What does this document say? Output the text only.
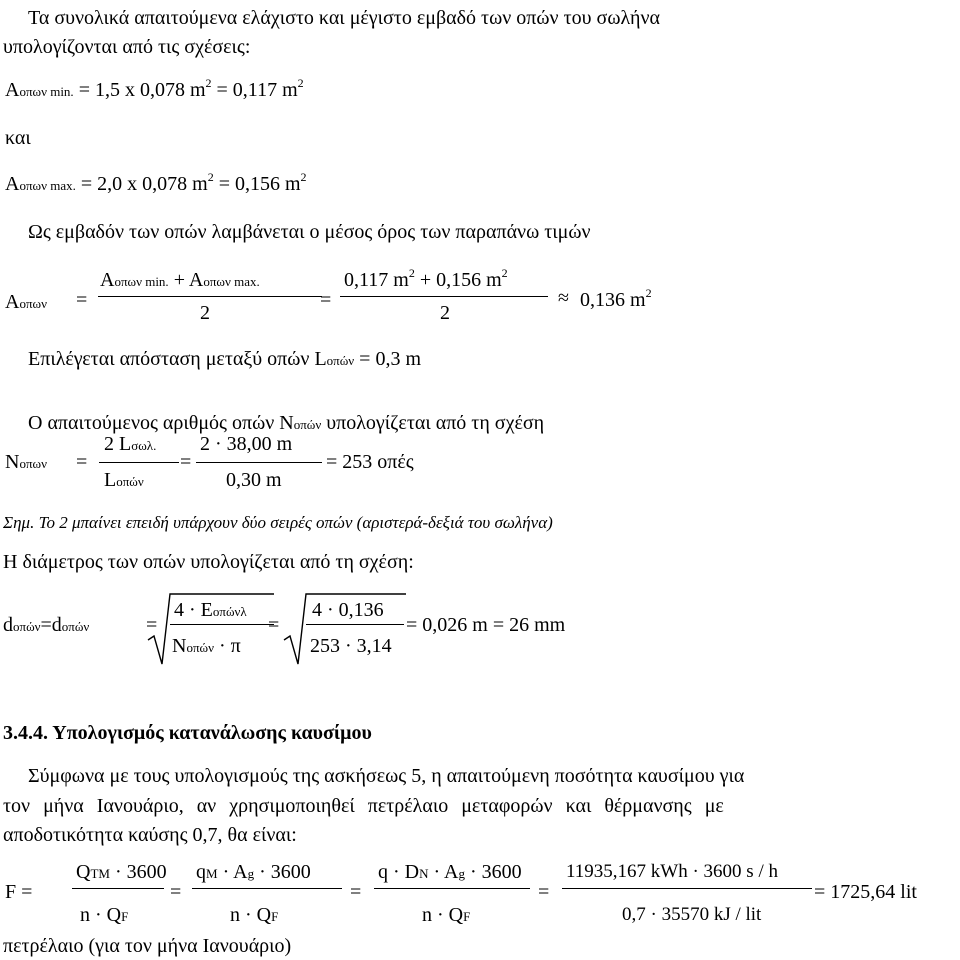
Τα συνολικά απαιτούμενα ελάχιστο και μέγιστο εμβαδό των οπών του σωλήνα
υπολογίζονται από τις σχέσεις:
Aοπων min. = 1,5 x 0,078 $m^2 = 0,117$ $m^2$
και
Aοπων max. = 2,0 x 0,078 $m^2 = 0,156$ $m^2$
Ως εμβαδόν των οπών λαμβάνεται ο μέσος όρος των παραπάνω τιμών
Aοπων =
Aοπων min. + Aοπων max.
2
=
0,117 $m^2 + 0,156$ $m^2$
2
≈ 0,136 $m^2$
Επιλέγεται απόσταση μεταξύ οπών Lοπών = 0,3 m
Ο απαιτούμενος αριθμός οπών Nοπών υπολογίζεται από τη σχέση
Nοπων =
2 Lσωλ.
Lοπών
=
2 · 38,00 m
0,30 m
= 253 οπές
Σημ. Το 2 μπαίνει επειδή υπάρχουν δύο σειρές οπών (αριστερά-δεξιά του σωλήνα)
Η διάμετρος των οπών υπολογίζεται από τη σχέση:
dοπών=dοπών	=
4 · Eοπώνλ
Nοπών · π
=
4 · 0,136
253 · 3,14
= 0,026 m = 26 mm
3.4.4. Υπολογισμός κατανάλωσης καυσίμου
Σύμφωνα με τους υπολογισμούς της ασκήσεως 5, η απαιτούμενη ποσότητα καυσίμου για
τον μήνα Ιανουάριο, αν χρησιμοποιηθεί πετρέλαιο μεταφορών και θέρμανσης με
αποδοτικότητα καύσης 0,7, θα είναι:
F =
QTM · 3600
n · QF
=
qM · Ag · 3600
n · QF
=
q · DN · Ag · 3600
n · QF
=
11935,167 kWh · 3600 s / h
0,7 · 35570 kJ / lit
= 1725,64 lit
πετρέλαιο (για τον μήνα Ιανουάριο)
